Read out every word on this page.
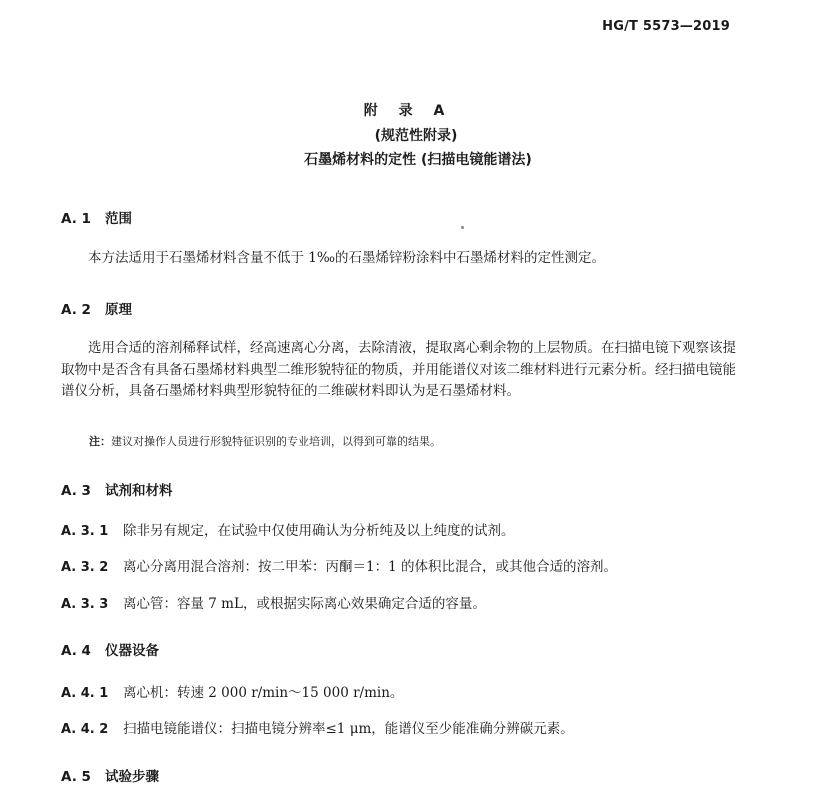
HG/T 5573—2019
附 录 A
(规范性附录)
石墨烯材料的定性 (扫描电镜能谱法)
A. 1 范围
本方法适用于石墨烯材料含量不低于 1‰的石墨烯锌粉涂料中石墨烯材料的定性测定。
A. 2 原理
选用合适的溶剂稀释试样，经高速离心分离，去除清液，提取离心剩余物的上层物质。在扫描电镜下观察该提取物中是否含有具备石墨烯材料典型二维形貌特征的物质，并用能谱仪对该二维材料进行元素分析。经扫描电镜能谱仪分析，具备石墨烯材料典型形貌特征的二维碳材料即认为是石墨烯材料。
注：建议对操作人员进行形貌特征识别的专业培训，以得到可靠的结果。
A. 3 试剂和材料
A. 3. 1 除非另有规定，在试验中仅使用确认为分析纯及以上纯度的试剂。
A. 3. 2 离心分离用混合溶剂：按二甲苯：丙酮＝1：1 的体积比混合，或其他合适的溶剂。
A. 3. 3 离心管：容量 7 mL，或根据实际离心效果确定合适的容量。
A. 4 仪器设备
A. 4. 1 离心机：转速 2 000 r/min～15 000 r/min。
A. 4. 2 扫描电镜能谱仪：扫描电镜分辨率≤1 μm，能谱仪至少能准确分辨碳元素。
A. 5 试验步骤
